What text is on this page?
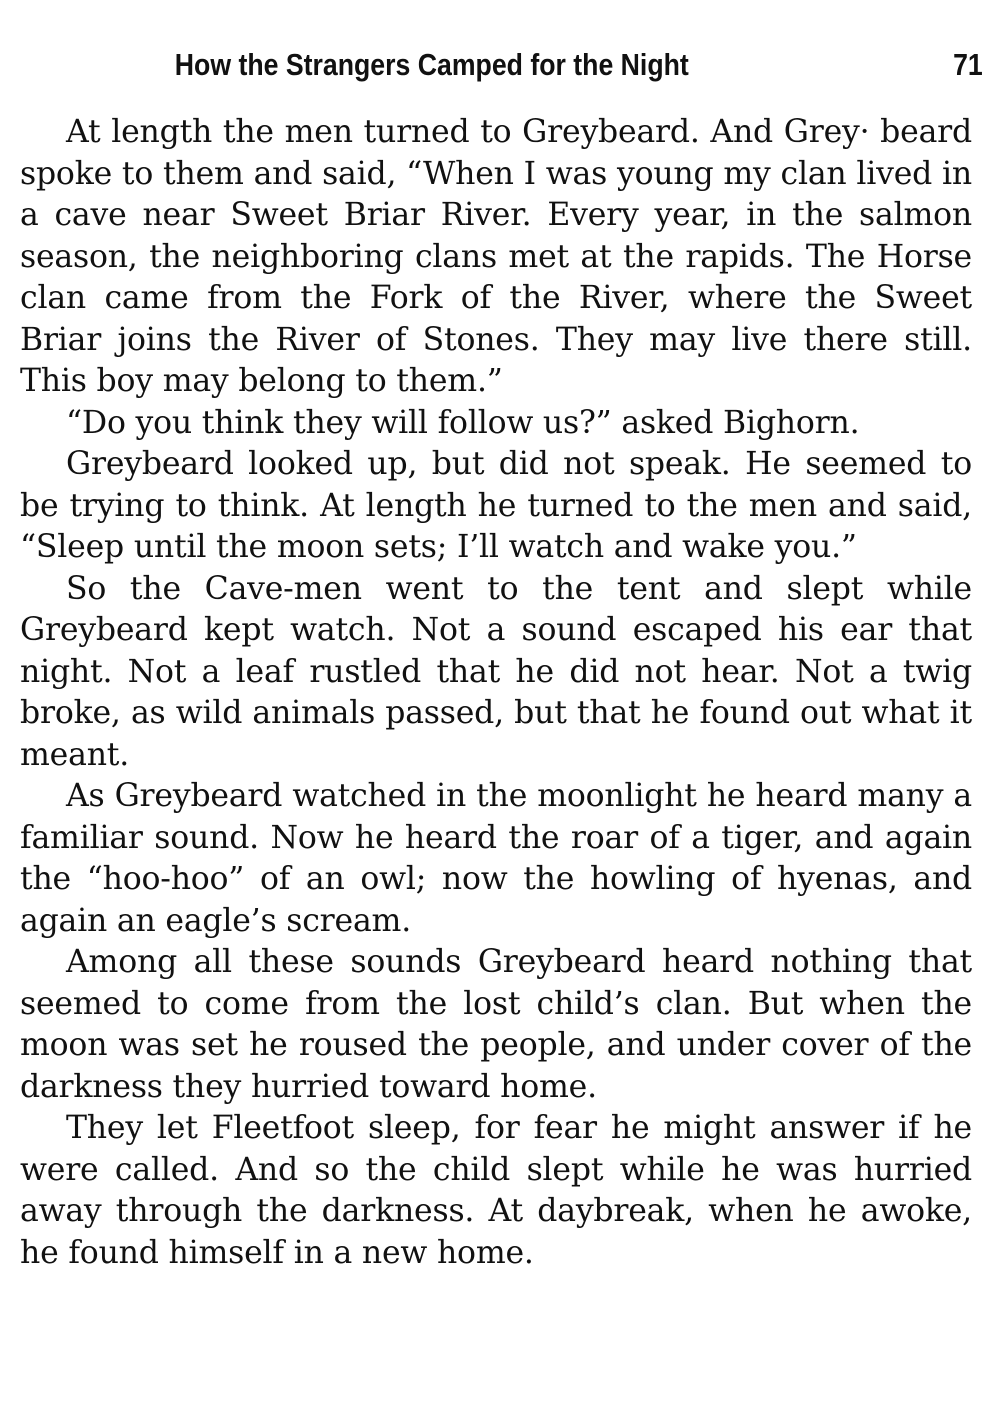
How the Strangers Camped for the Night	71

At length the men turned to Greybeard. And Grey· beard spoke to them and said, “When I was young my clan lived in a cave near Sweet Briar River. Every year, in the salmon season, the neighboring clans met at the rapids. The Horse clan came from the Fork of the River, where the Sweet Briar joins the River of Stones. They may live there still. This boy may belong to them.”

“Do you think they will follow us?” asked Bighorn.

Greybeard looked up, but did not speak. He seemed to be trying to think. At length he turned to the men and said, “Sleep until the moon sets; I’ll watch and wake you.”

So the Cave-men went to the tent and slept while Greybeard kept watch. Not a sound escaped his ear that night. Not a leaf rustled that he did not hear. Not a twig broke, as wild animals passed, but that he found out what it meant.

As Greybeard watched in the moonlight he heard many a familiar sound. Now he heard the roar of a tiger, and again the “hoo-hoo” of an owl; now the howling of hyenas, and again an eagle’s scream.

Among all these sounds Greybeard heard nothing that seemed to come from the lost child’s clan. But when the moon was set he roused the people, and under cover of the darkness they hurried toward home.

They let Fleetfoot sleep, for fear he might answer if he were called. And so the child slept while he was hurried away through the darkness. At daybreak, when he awoke, he found himself in a new home.
